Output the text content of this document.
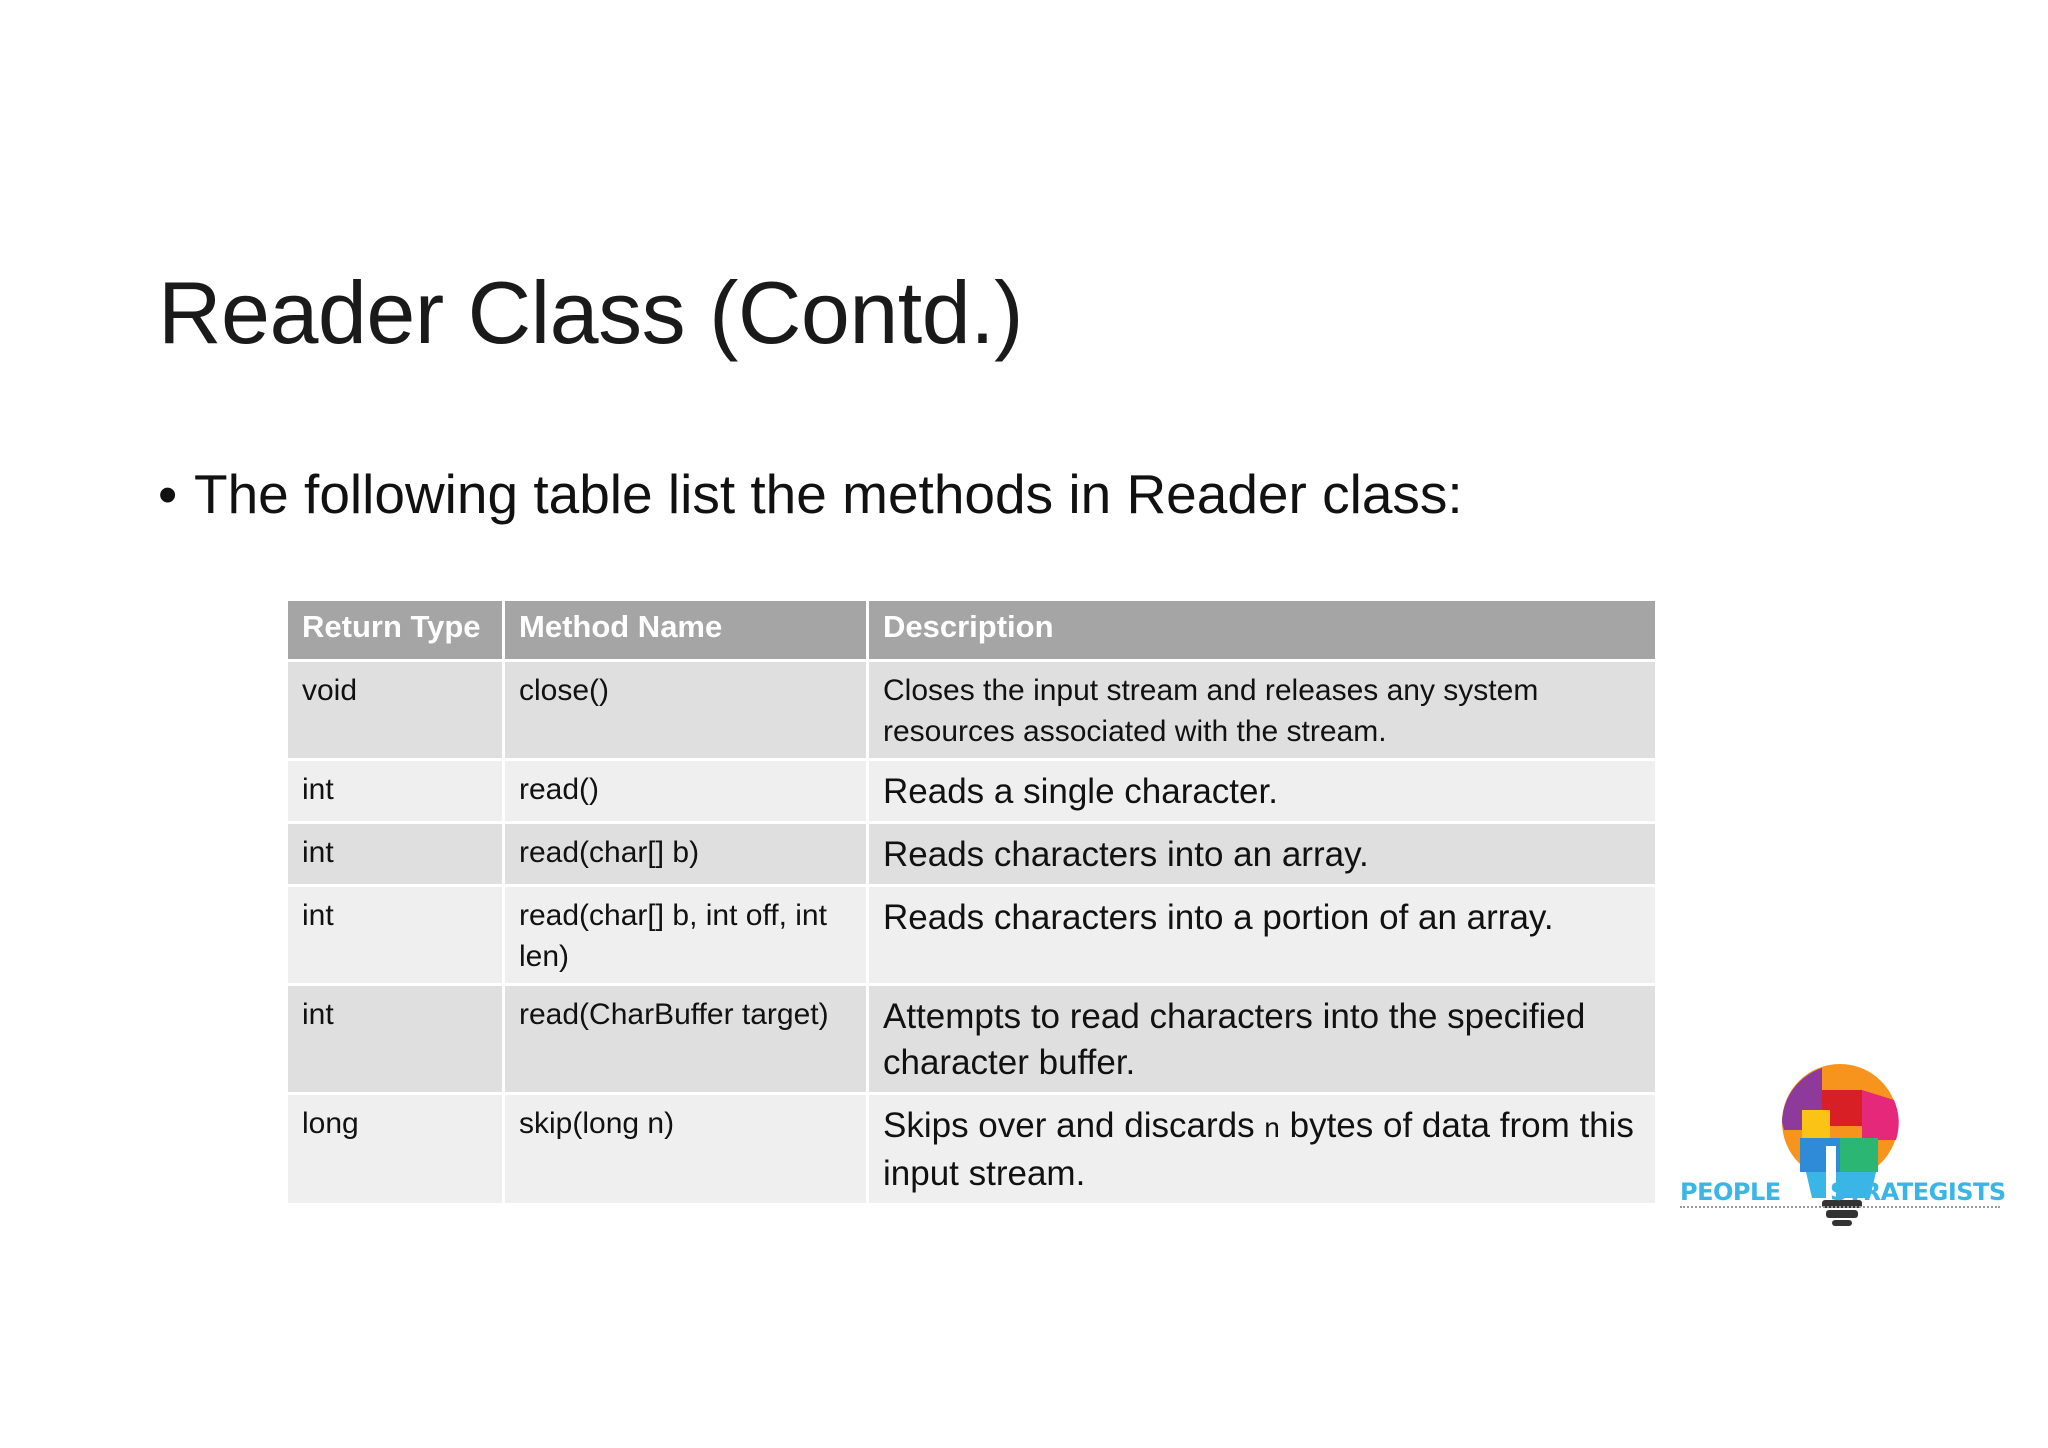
Reader Class (Contd.)
• The following table list the methods in Reader class:
Return Type	Method Name	Description
void	close()	Closes the input stream and releases any system resources associated with the stream.
int	read()	Reads a single character.
int	read(char[] b)	Reads characters into an array.
int	read(char[] b, int off, int len)	Reads characters into a portion of an array.
int	read(CharBuffer target)	Attempts to read characters into the specified character buffer.
long	skip(long n)	Skips over and discards n bytes of data from this input stream.	PEOPLE STRATEGISTS
